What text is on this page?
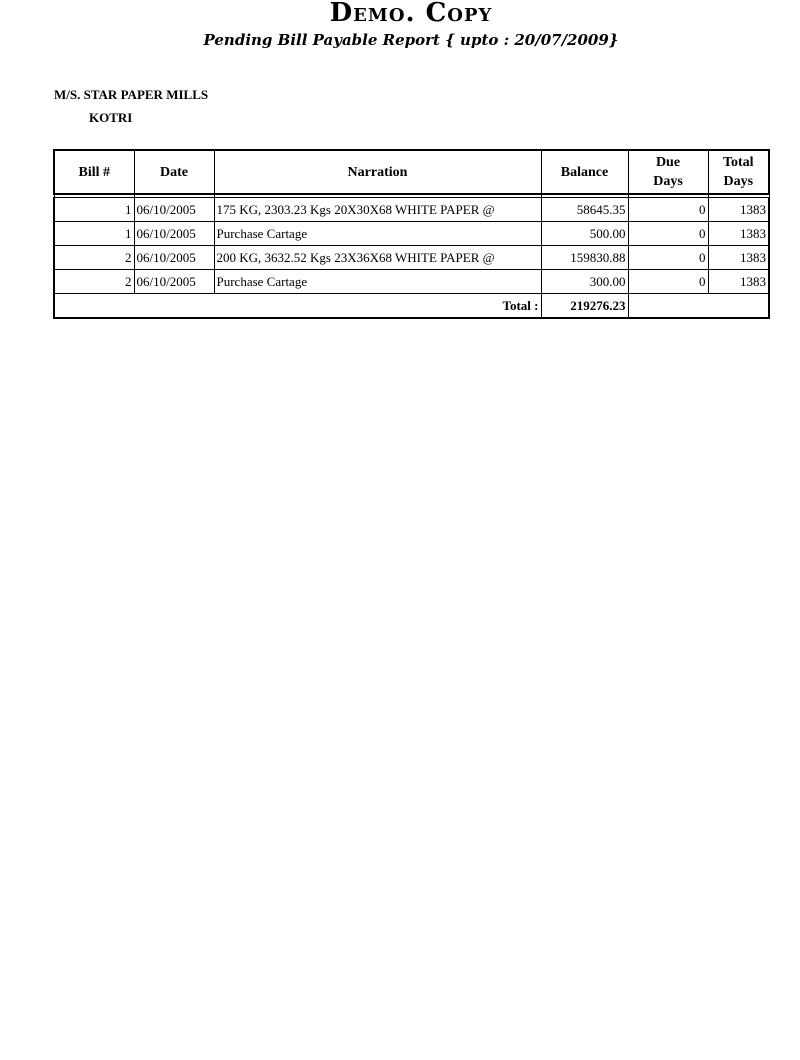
Demo. Copy
Pending Bill Payable Report { upto : 20/07/2009}
M/S. STAR PAPER MILLS
KOTRI
Bill #	Date	Narration	Balance	Due Days	Total Days

1	06/10/2005	175 KG, 2303.23 Kgs 20X30X68 WHITE PAPER @	58645.35	0	1383
1	06/10/2005	Purchase Cartage	500.00	0	1383
2	06/10/2005	200 KG, 3632.52 Kgs 23X36X68 WHITE PAPER @	159830.88	0	1383
2	06/10/2005	Purchase Cartage	300.00	0	1383
Total :			219276.23		
